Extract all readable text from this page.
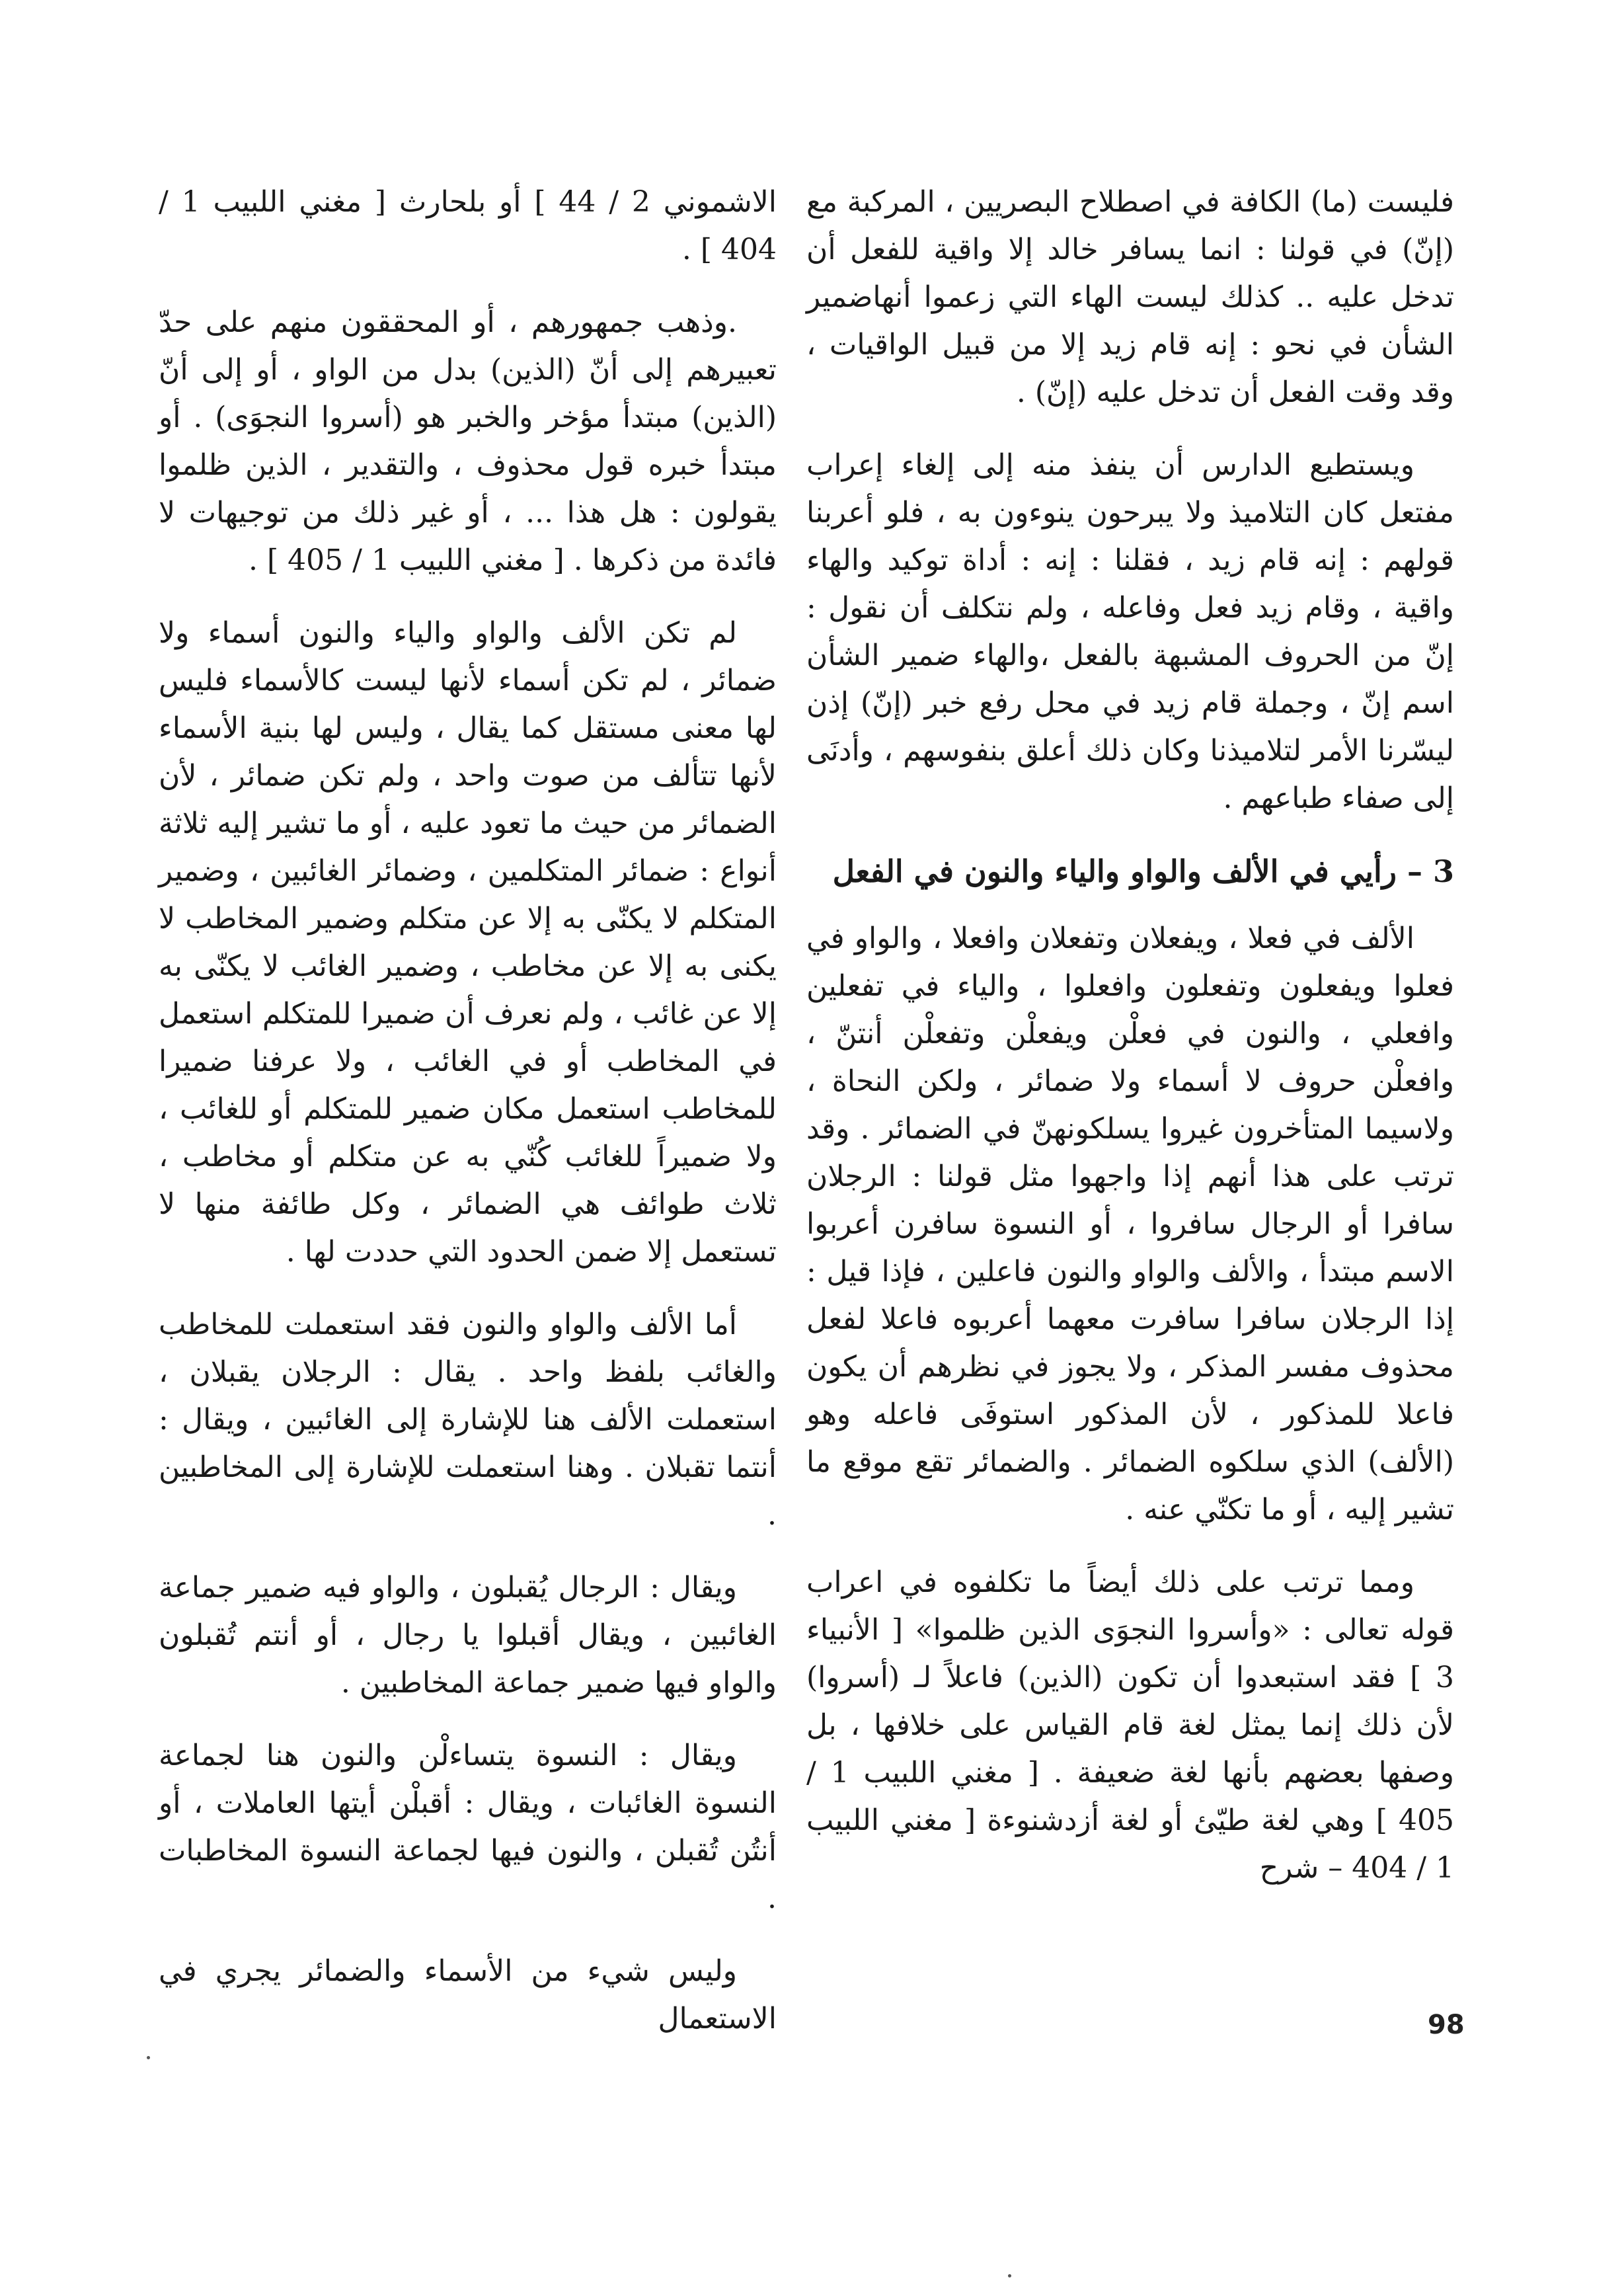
فليست (ما) الكافة في اصطلاح البصريين ، المركبة مع (إنّ) في قولنا : انما يسافر خالد إلا واقية للفعل أن تدخل عليه .. كذلك ليست الهاء التي زعموا أنهاضمير الشأن في نحو : إنه قام زيد إلا من قبيل الواقيات ، وقد وقت الفعل أن تدخل عليه (إنّ) .

ويستطيع الدارس أن ينفذ منه إلى إلغاء إعراب مفتعل كان التلاميذ ولا يبرحون ينوءون به ، فلو أعربنا قولهم : إنه قام زيد ، فقلنا : إنه : أداة توكيد والهاء واقية ، وقام زيد فعل وفاعله ، ولم نتكلف أن نقول : إنّ من الحروف المشبهة بالفعل ،والهاء ضمير الشأن اسم إنّ ، وجملة قام زيد في محل رفع خبر (إنّ) إذن ليسّرنا الأمر لتلاميذنا وكان ذلك أعلق بنفوسهم ، وأدنَى إلى صفاء طباعهم .

3 – رأيي في الألف والواو والياء والنون في الفعل

الألف في فعلا ، ويفعلان وتفعلان وافعلا ، والواو في فعلوا ويفعلون وتفعلون وافعلوا ، والياء في تفعلين وافعلي ، والنون في فعلْن ويفعلْن وتفعلْن أنتنّ ، وافعلْن حروف لا أسماء ولا ضمائر ، ولكن النحاة ، ولاسيما المتأخرون غيروا يسلكونهنّ في الضمائر . وقد ترتب على هذا أنهم إذا واجهوا مثل قولنا : الرجلان سافرا أو الرجال سافروا ، أو النسوة سافرن أعربوا الاسم مبتدأ ، والألف والواو والنون فاعلين ، فإذا قيل : إذا الرجلان سافرا سافرت معهما أعربوه فاعلا لفعل محذوف مفسر المذكر ، ولا يجوز في نظرهم أن يكون فاعلا للمذكور ، لأن المذكور استوفَى فاعله وهو (الألف) الذي سلكوه الضمائر . والضمائر تقع موقع ما تشير إليه ، أو ما تكنّي عنه .

ومما ترتب على ذلك أيضاً ما تكلفوه في اعراب قوله تعالى : «وأسروا النجوَى الذين ظلموا» [ الأنبياء 3 ] فقد استبعدوا أن تكون (الذين) فاعلاً لـ (أسروا) لأن ذلك إنما يمثل لغة قام القياس على خلافها ، بل وصفها بعضهم بأنها لغة ضعيفة . [ مغني اللبيب 1 / 405 ] وهي لغة طيّئ أو لغة أزدشنوءة [ مغني اللبيب 1 / 404 – شرح

الاشموني 2 / 44 ] أو بلحارث [ مغني اللبيب 1 / 404 ] .

.وذهب جمهورهم ، أو المحققون منهم على حدّ تعبيرهم إلى أنّ (الذين) بدل من الواو ، أو إلى أنّ (الذين) مبتدأ مؤخر والخبر هو (أسروا النجوَى) . أو مبتدأ خبره قول محذوف ، والتقدير ، الذين ظلموا يقولون : هل هذا ... ، أو غير ذلك من توجيهات لا فائدة من ذكرها . [ مغني اللبيب 1 / 405 ] .

لم تكن الألف والواو والياء والنون أسماء ولا ضمائر ، لم تكن أسماء لأنها ليست كالأسماء فليس لها معنى مستقل كما يقال ، وليس لها بنية الأسماء لأنها تتألف من صوت واحد ، ولم تكن ضمائر ، لأن الضمائر من حيث ما تعود عليه ، أو ما تشير إليه ثلاثة أنواع : ضمائر المتكلمين ، وضمائر الغائبين ، وضمير المتكلم لا يكنّى به إلا عن متكلم وضمير المخاطب لا يكنى به إلا عن مخاطب ، وضمير الغائب لا يكنّى به إلا عن غائب ، ولم نعرف أن ضميرا للمتكلم استعمل في المخاطب أو في الغائب ، ولا عرفنا ضميرا للمخاطب استعمل مكان ضمير للمتكلم أو للغائب ، ولا ضميراً للغائب كُنّي به عن متكلم أو مخاطب ، ثلاث طوائف هي الضمائر ، وكل طائفة منها لا تستعمل إلا ضمن الحدود التي حددت لها .

أما الألف والواو والنون فقد استعملت للمخاطب والغائب بلفظ واحد . يقال : الرجلان يقبلان ، استعملت الألف هنا للإشارة إلى الغائبين ، ويقال : أنتما تقبلان . وهنا استعملت للإشارة إلى المخاطبين .

ويقال : الرجال يُقبلون ، والواو فيه ضمير جماعة الغائبين ، ويقال أقبلوا يا رجال ، أو أنتم تُقبلون والواو فيها ضمير جماعة المخاطبين .

ويقال : النسوة يتساءلْن والنون هنا لجماعة النسوة الغائبات ، ويقال : أقبلْن أيتها العاملات ، أو أنتُن تُقبلن ، والنون فيها لجماعة النسوة المخاطبات .

وليس شيء من الأسماء والضمائر يجري في الاستعمال	98
